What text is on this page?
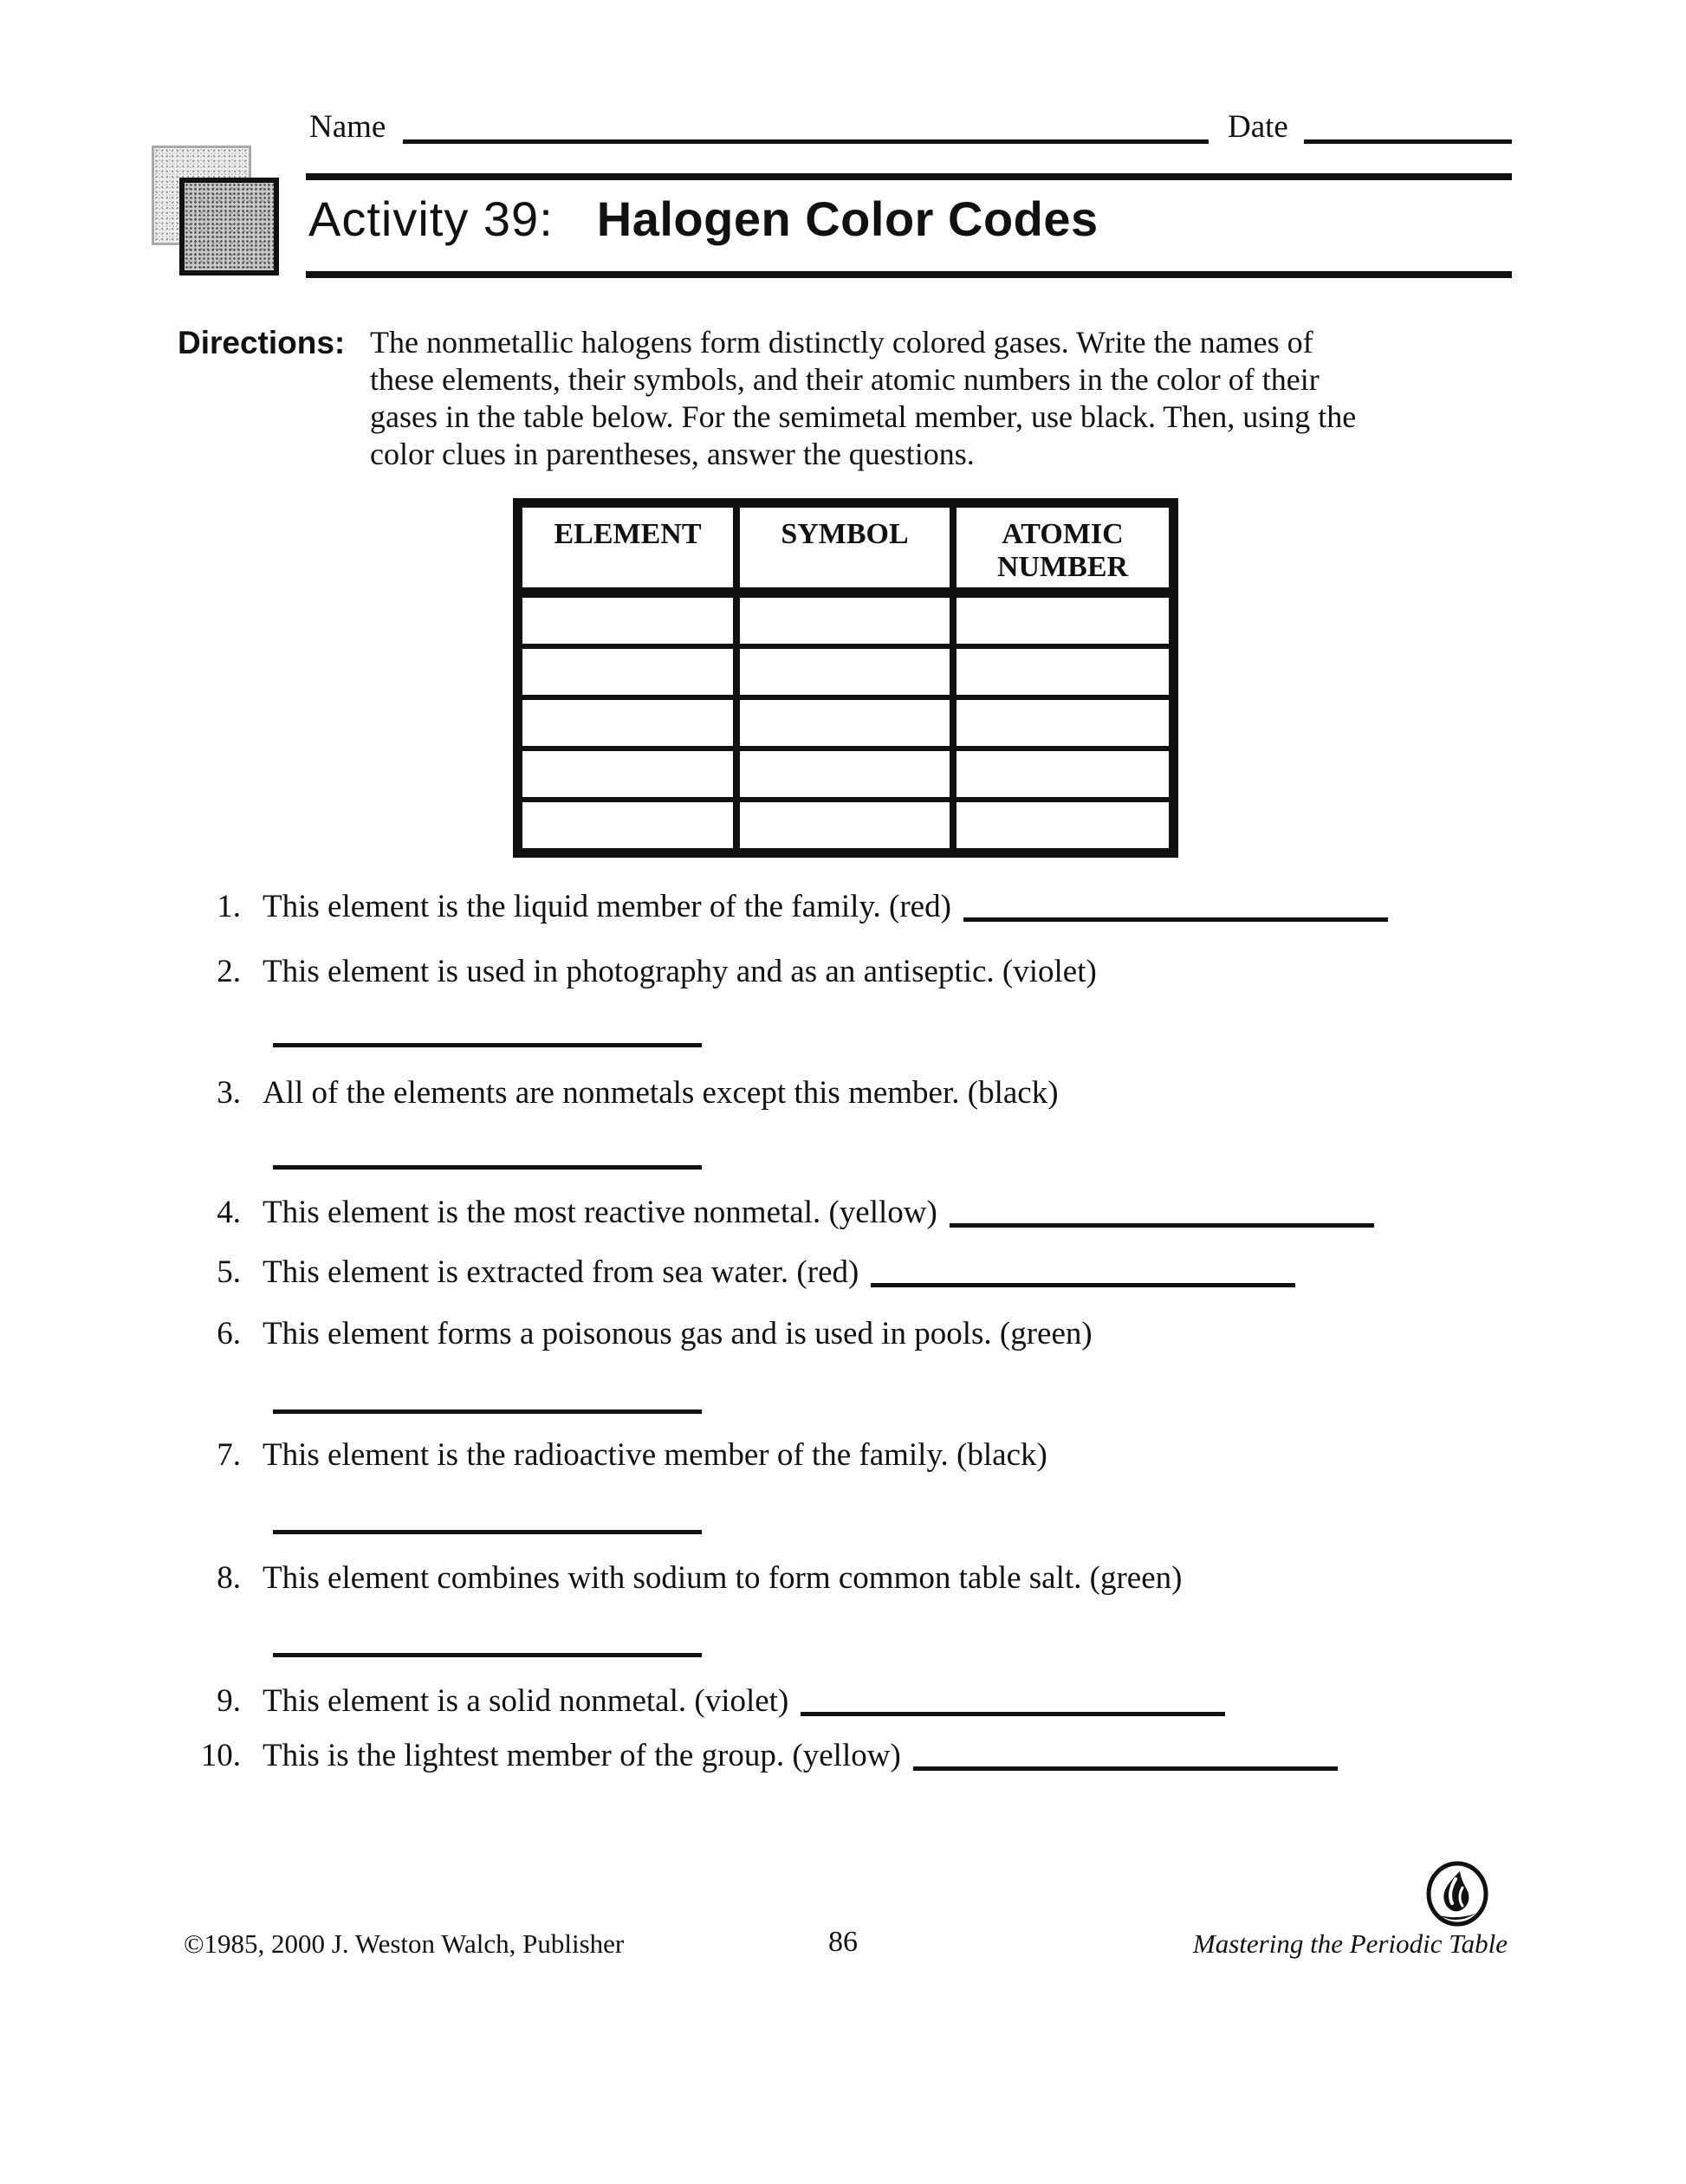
Name	Date
Activity 39: Halogen Color Codes
Directions: The nonmetallic halogens form distinctly colored gases. Write the names of
these elements, their symbols, and their atomic numbers in the color of their
gases in the table below. For the semimetal member, use black. Then, using the
color clues in parentheses, answer the questions.
ELEMENT	SYMBOL	ATOMIC NUMBER
1. This element is the liquid member of the family. (red)
2. This element is used in photography and as an antiseptic. (violet)
3. All of the elements are nonmetals except this member. (black)
4. This element is the most reactive nonmetal. (yellow)
5. This element is extracted from sea water. (red)
6. This element forms a poisonous gas and is used in pools. (green)
7. This element is the radioactive member of the family. (black)
8. This element combines with sodium to form common table salt. (green)
9. This element is a solid nonmetal. (violet)
10. This is the lightest member of the group. (yellow)
©1985, 2000 J. Weston Walch, Publisher	86	Mastering the Periodic Table
